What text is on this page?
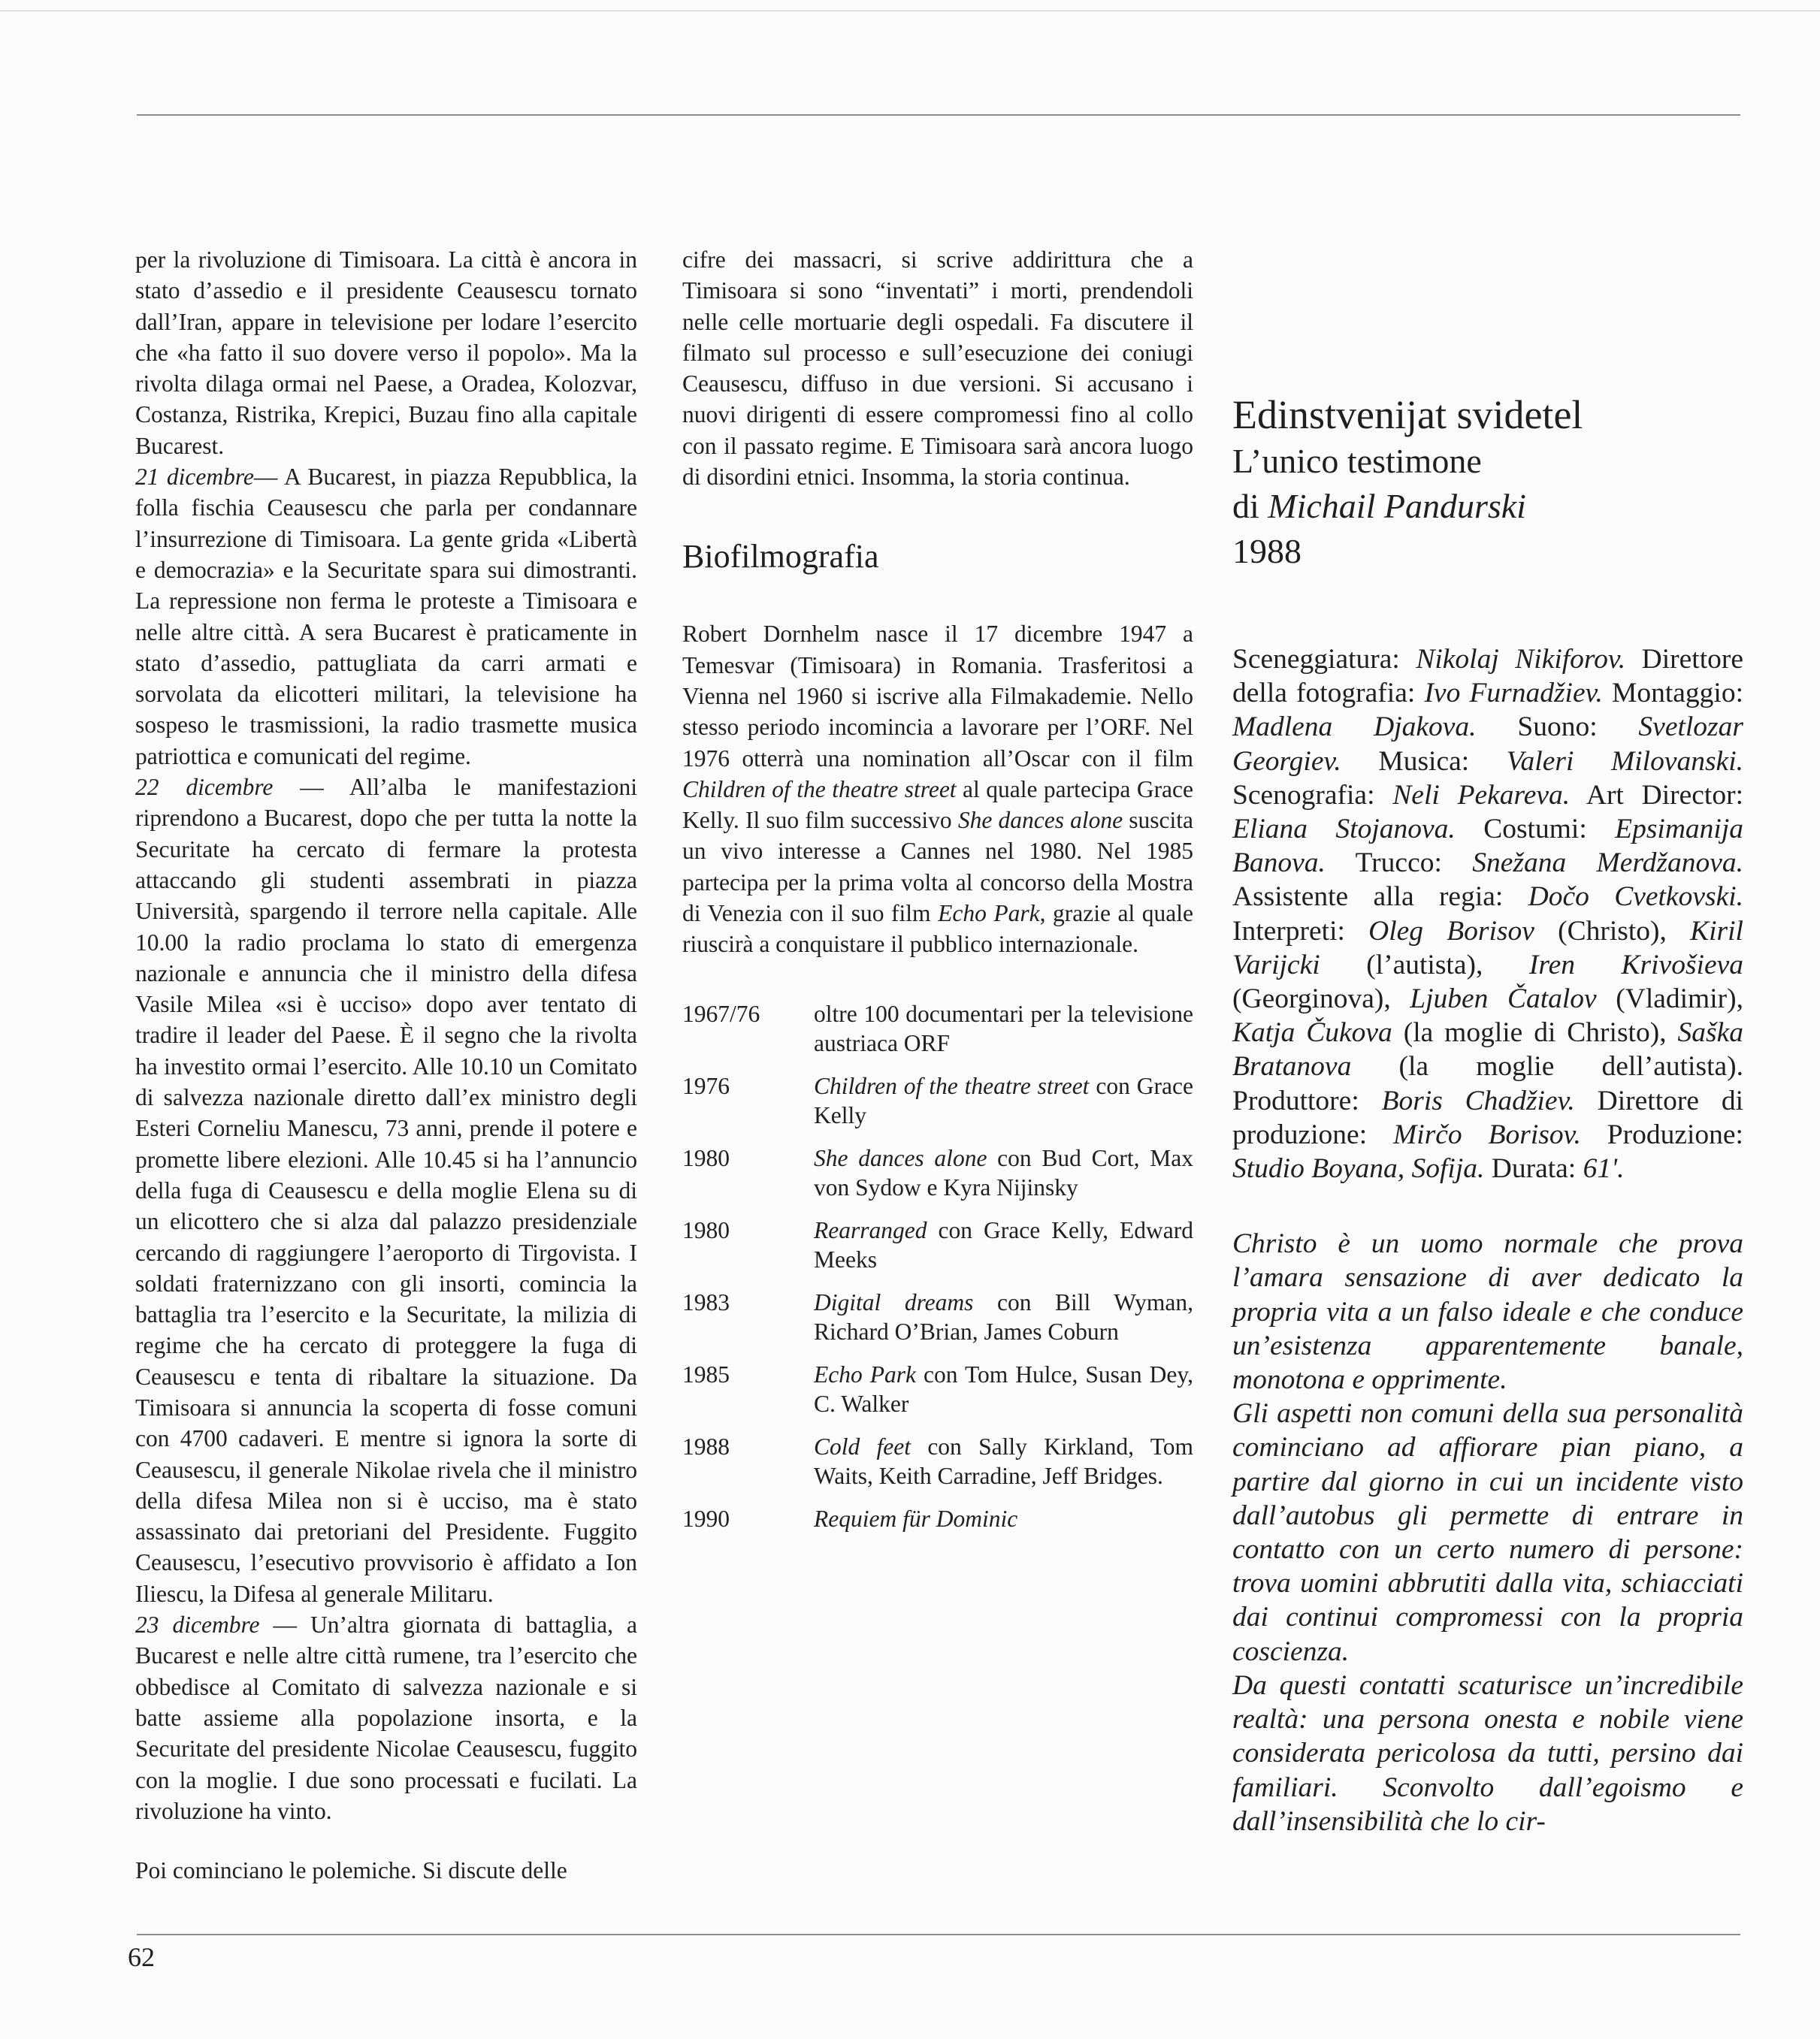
per la rivoluzione di Timisoara. La città è ancora in stato d’assedio e il presidente Ceausescu tornato dall’Iran, appare in televisione per lodare l’esercito che «ha fatto il suo dovere verso il popolo». Ma la rivolta dilaga ormai nel Paese, a Oradea, Kolozvar, Costanza, Ristrika, Krepici, Buzau fino alla capitale Bucarest.

21 dicembre— A Bucarest, in piazza Repubblica, la folla fischia Ceausescu che parla per condannare l’insurrezione di Timisoara. La gente grida «Libertà e democrazia» e la Securitate spara sui dimostranti. La repressione non ferma le proteste a Timisoara e nelle altre città. A sera Bucarest è praticamente in stato d’assedio, pattugliata da carri armati e sorvolata da elicotteri militari, la televisione ha sospeso le trasmissioni, la radio trasmette musica patriottica e comunicati del regime.

22 dicembre — All’alba le manifestazioni riprendono a Bucarest, dopo che per tutta la notte la Securitate ha cercato di fermare la protesta attaccando gli studenti assembrati in piazza Università, spargendo il terrore nella capitale. Alle 10.00 la radio proclama lo stato di emergenza nazionale e annuncia che il ministro della difesa Vasile Milea «si è ucciso» dopo aver tentato di tradire il leader del Paese. È il segno che la rivolta ha investito ormai l’esercito. Alle 10.10 un Comitato di salvezza nazionale diretto dall’ex ministro degli Esteri Corneliu Manescu, 73 anni, prende il potere e promette libere elezioni. Alle 10.45 si ha l’annuncio della fuga di Ceausescu e della moglie Elena su di un elicottero che si alza dal palazzo presidenziale cercando di raggiungere l’aeroporto di Tirgovista. I soldati fraternizzano con gli insorti, comincia la battaglia tra l’esercito e la Securitate, la milizia di regime che ha cercato di proteggere la fuga di Ceausescu e tenta di ribaltare la situazione. Da Timisoara si annuncia la scoperta di fosse comuni con 4700 cadaveri. E mentre si ignora la sorte di Ceausescu, il generale Nikolae rivela che il ministro della difesa Milea non si è ucciso, ma è stato assassinato dai pretoriani del Presidente. Fuggito Ceausescu, l’esecutivo provvisorio è affidato a Ion Iliescu, la Difesa al generale Militaru.

23 dicembre — Un’altra giornata di battaglia, a Bucarest e nelle altre città rumene, tra l’esercito che obbedisce al Comitato di salvezza nazionale e si batte assieme alla popolazione insorta, e la Securitate del presidente Nicolae Ceausescu, fuggito con la moglie. I due sono processati e fucilati. La rivoluzione ha vinto.

Poi cominciano le polemiche. Si discute delle

cifre dei massacri, si scrive addirittura che a Timisoara si sono “inventati” i morti, prendendoli nelle celle mortuarie degli ospedali. Fa discutere il filmato sul processo e sull’esecuzione dei coniugi Ceausescu, diffuso in due versioni. Si accusano i nuovi dirigenti di essere compromessi fino al collo con il passato regime. E Timisoara sarà ancora luogo di disordini etnici. Insomma, la storia continua.

Biofilmografia

Robert Dornhelm nasce il 17 dicembre 1947 a Temesvar (Timisoara) in Romania. Trasferitosi a Vienna nel 1960 si iscrive alla Filmakademie. Nello stesso periodo incomincia a lavorare per l’ORF. Nel 1976 otterrà una nomination all’Oscar con il film Children of the theatre street al quale partecipa Grace Kelly. Il suo film successivo She dances alone suscita un vivo interesse a Cannes nel 1980. Nel 1985 partecipa per la prima volta al concorso della Mostra di Venezia con il suo film Echo Park, grazie al quale riuscirà a conquistare il pubblico internazionale.

1967/76	oltre 100 documentari per la televisione austriaca ORF
1976	Children of the theatre street con Grace Kelly
1980	She dances alone con Bud Cort, Max von Sydow e Kyra Nijinsky
1980	Rearranged con Grace Kelly, Edward Meeks
1983	Digital dreams con Bill Wyman, Richard O’Brian, James Coburn
1985	Echo Park con Tom Hulce, Susan Dey, C. Walker
1988	Cold feet con Sally Kirkland, Tom Waits, Keith Carradine, Jeff Bridges.
1990	Requiem für Dominic
Edinstvenijat svidetel
L’unico testimone
di Michail Pandurski
1988

Sceneggiatura: Nikolaj Nikiforov. Direttore della fotografia: Ivo Furnadžiev. Montaggio: Madlena Djakova. Suono: Svetlozar Georgiev. Musica: Valeri Milovanski. Scenografia: Neli Pekareva. Art Director: Eliana Stojanova. Costumi: Epsimanija Banova. Trucco: Snežana Merdžanova. Assistente alla regia: Dočo Cvetkovski. Interpreti: Oleg Borisov (Christo), Kiril Varijcki (l’autista), Iren Krivošieva (Georginova), Ljuben Čatalov (Vladimir), Katja Čukova (la moglie di Christo), Saška Bratanova (la moglie dell’autista). Produttore: Boris Chadžiev. Direttore di produzione: Mirčo Borisov. Produzione: Studio Boyana, Sofija. Durata: 61'.

Christo è un uomo normale che prova l’amara sensazione di aver dedicato la propria vita a un falso ideale e che conduce un’esistenza apparentemente banale, monotona e opprimente.

Gli aspetti non comuni della sua personalità cominciano ad affiorare pian piano, a partire dal giorno in cui un incidente visto dall’autobus gli permette di entrare in contatto con un certo numero di persone: trova uomini abbrutiti dalla vita, schiacciati dai continui compromessi con la propria coscienza.

Da questi contatti scaturisce un’incredibile realtà: una persona onesta e nobile viene considerata pericolosa da tutti, persino dai familiari. Sconvolto dall’egoismo e dall’insensibilità che lo cir-

62
